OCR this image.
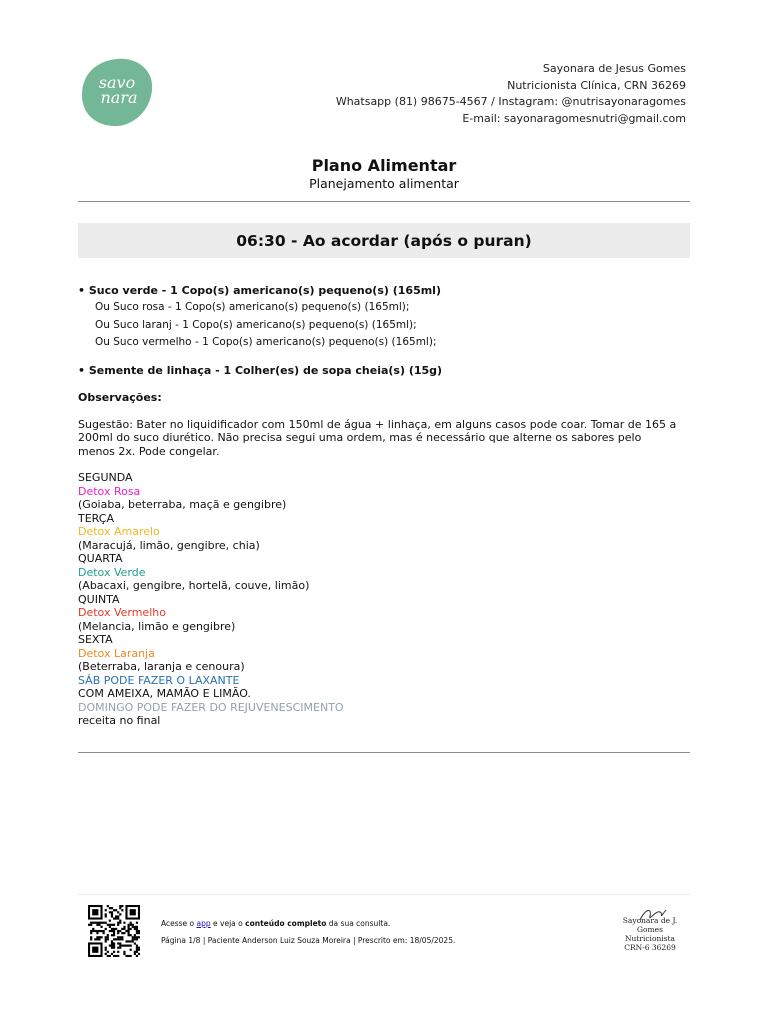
savo
nara
Sayonara de Jesus Gomes
Nutricionista Clínica, CRN 36269
Whatsapp (81) 98675-4567 / Instagram: @nutrisayonaragomes
E-mail: sayonaragomesnutri@gmail.com

Plano Alimentar

Planejamento alimentar

06:30 - Ao acordar (após o puran)
• Suco verde - 1 Copo(s) americano(s) pequeno(s) (165ml)
Ou Suco rosa - 1 Copo(s) americano(s) pequeno(s) (165ml);
Ou Suco laranj - 1 Copo(s) americano(s) pequeno(s) (165ml);
Ou Suco vermelho - 1 Copo(s) americano(s) pequeno(s) (165ml);
• Semente de linhaça - 1 Colher(es) de sopa cheia(s) (15g)
Observações:
Sugestão: Bater no liquidificador com 150ml de água + linhaça, em alguns casos pode coar. Tomar de 165 a 200ml do suco diurético. Não precisa segui uma ordem, mas é necessário que alterne os sabores pelo menos 2x. Pode congelar.
SEGUNDA
Detox Rosa
(Goiaba, beterraba, maçã e gengibre)
TERÇA
Detox Amarelo
(Maracujá, limão, gengibre, chia)
QUARTA
Detox Verde
(Abacaxi, gengibre, hortelã, couve, limão)
QUINTA
Detox Vermelho
(Melancia, limão e gengibre)
SEXTA
Detox Laranja
(Beterraba, laranja e cenoura)
SÁB PODE FAZER O LAXANTE
COM AMEIXA, MAMÃO E LIMÃO.
DOMINGO PODE FAZER DO REJUVENESCIMENTO
receita no final
Acesse o app e veja o conteúdo completo da sua consulta.
Página 1/8 | Paciente Anderson Luiz Souza Moreira | Prescrito em: 18/05/2025.
Sayonara de J. Gomes
Nutricionista
CRN-6 36269
